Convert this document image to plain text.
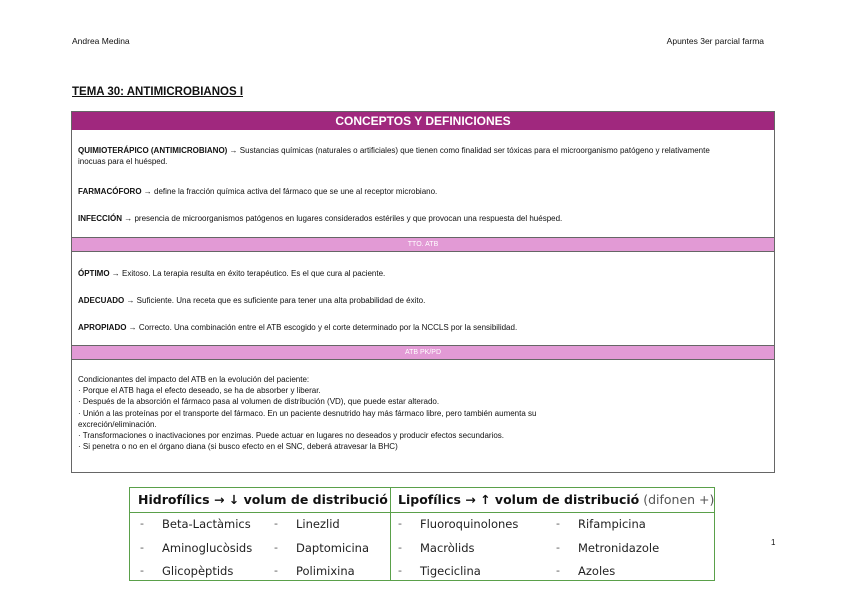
Andrea Medina	Apuntes 3er parcial farma
TEMA 30: ANTIMICROBIANOS I
CONCEPTOS Y DEFINICIONES

QUIMIOTERÁPICO (ANTIMICROBIANO) → Sustancias químicas (naturales o artificiales) que tienen como finalidad ser tóxicas para el microorganismo patógeno y relativamente inocuas para el huésped.

FARMACÓFORO → define la fracción química activa del fármaco que se une al receptor microbiano.

INFECCIÓN → presencia de microorganismos patógenos en lugares considerados estériles y que provocan una respuesta del huésped.

TTO. ATB

ÓPTIMO → Exitoso. La terapia resulta en éxito terapéutico. Es el que cura al paciente.

ADECUADO → Suficiente. Una receta que es suficiente para tener una alta probabilidad de éxito.

APROPIADO → Correcto. Una combinación entre el ATB escogido y el corte determinado por la NCCLS por la sensibilidad.

ATB PK/PD

Condicionantes del impacto del ATB en la evolución del paciente:

· Porque el ATB haga el efecto deseado, se ha de absorber y liberar.

· Después de la absorción el fármaco pasa al volumen de distribución (VD), que puede estar alterado.

· Unión a las proteínas por el transporte del fármaco. En un paciente desnutrido hay más fármaco libre, pero también aumenta su

excreción/eliminación.

· Transformaciones o inactivaciones por enzimas. Puede actuar en lugares no deseados y producir efectos secundarios.

· Si penetra o no en el órgano diana (si busco efecto en el SNC, deberá atravesar la BHC)

Hidrofílics → ↓ volum de distribució Lipofílics → ↑ volum de distribució (difonen +)
- Beta-Lactàmics - Linezlid	- Fluoroquinolones	- Rifampicina
- Aminoglucòsids - Daptomicina	- Macròlids	- Metronidazole
- Glicopèptids	- Polimixina	- Tigeciclina	- Azoles
1
